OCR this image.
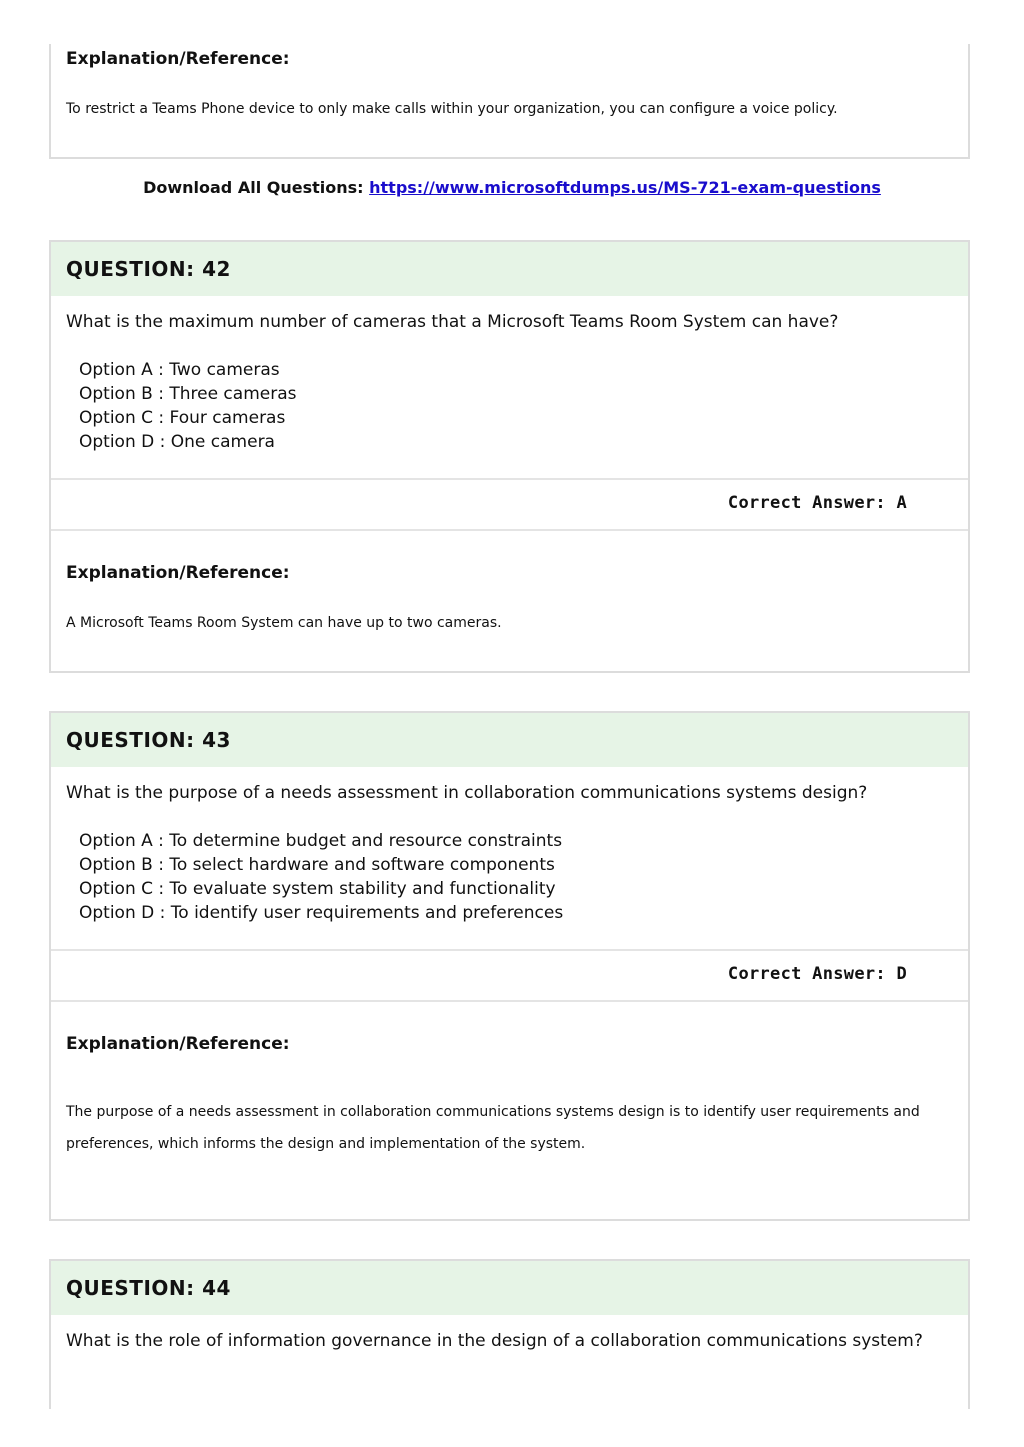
Explanation/Reference:
To restrict a Teams Phone device to only make calls within your organization, you can configure a voice policy.
Download All Questions: https://www.microsoftdumps.us/MS-721-exam-questions
QUESTION: 42
What is the maximum number of cameras that a Microsoft Teams Room System can have?
Option A : Two cameras
Option B : Three cameras
Option C : Four cameras
Option D : One camera
Correct Answer: A
Explanation/Reference:
A Microsoft Teams Room System can have up to two cameras.
QUESTION: 43
What is the purpose of a needs assessment in collaboration communications systems design?
Option A : To determine budget and resource constraints
Option B : To select hardware and software components
Option C : To evaluate system stability and functionality
Option D : To identify user requirements and preferences
Correct Answer: D
Explanation/Reference:
The purpose of a needs assessment in collaboration communications systems design is to identify user requirements and preferences, which informs the design and implementation of the system.
QUESTION: 44
What is the role of information governance in the design of a collaboration communications system?
